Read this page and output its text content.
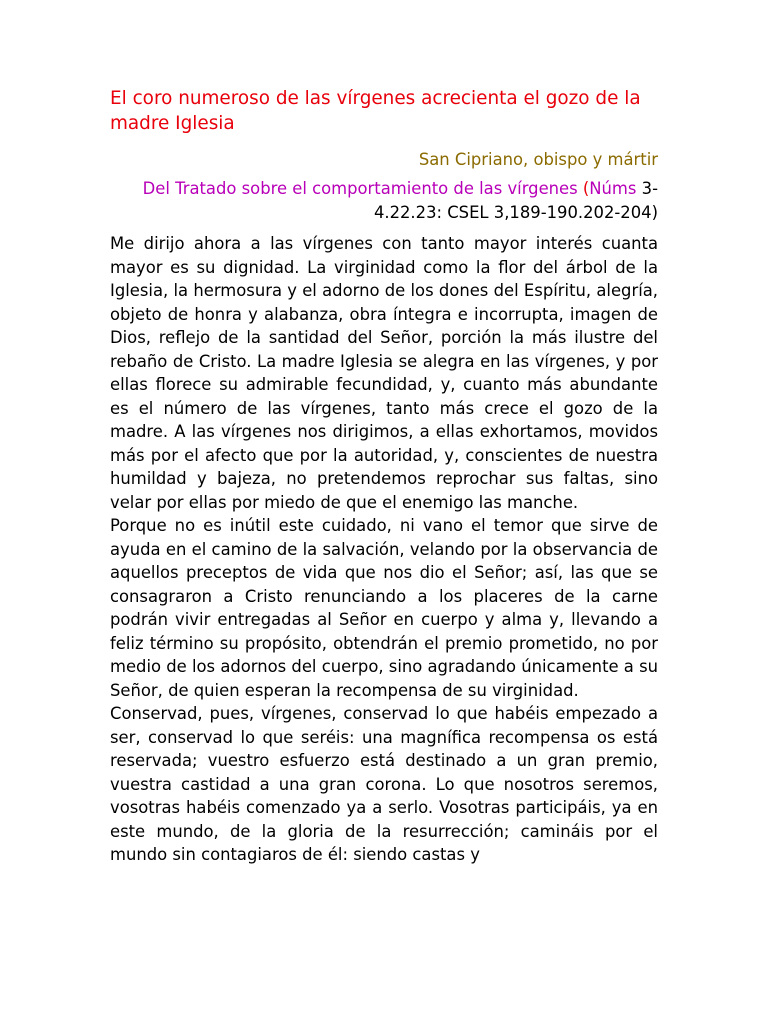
El coro numeroso de las vírgenes acrecienta el gozo de la madre Iglesia
San Cipriano, obispo y mártir
Del Tratado sobre el comportamiento de las vírgenes (Núms 3-
4.22.23: CSEL 3,189-190.202-204)

Me dirijo ahora a las vírgenes con tanto mayor interés cuanta mayor es su dignidad. La virginidad como la flor del árbol de la Iglesia, la hermosura y el adorno de los dones del Espíritu, alegría, objeto de honra y alabanza, obra íntegra e incorrupta, imagen de Dios, reflejo de la santidad del Señor, porción la más ilustre del rebaño de Cristo. La madre Iglesia se alegra en las vírgenes, y por ellas florece su admirable fecundidad, y, cuanto más abundante es el número de las vírgenes, tanto más crece el gozo de la madre. A las vírgenes nos dirigimos, a ellas exhortamos, movidos más por el afecto que por la autoridad, y, conscientes de nuestra humildad y bajeza, no pretendemos reprochar sus faltas, sino velar por ellas por miedo de que el enemigo las manche.

Porque no es inútil este cuidado, ni vano el temor que sirve de ayuda en el camino de la salvación, velando por la observancia de aquellos preceptos de vida que nos dio el Señor; así, las que se consagraron a Cristo renunciando a los placeres de la carne podrán vivir entregadas al Señor en cuerpo y alma y, llevando a feliz término su propósito, obtendrán el premio prometido, no por medio de los adornos del cuerpo, sino agradando únicamente a su Señor, de quien esperan la recompensa de su virginidad.

Conservad, pues, vírgenes, conservad lo que habéis empezado a ser, conservad lo que seréis: una magnífica recompensa os está reservada; vuestro esfuerzo está destinado a un gran premio, vuestra castidad a una gran corona. Lo que nosotros seremos, vosotras habéis comenzado ya a serlo. Vosotras participáis, ya en este mundo, de la gloria de la resurrección; camináis por el mundo sin contagiaros de él: siendo castas y
